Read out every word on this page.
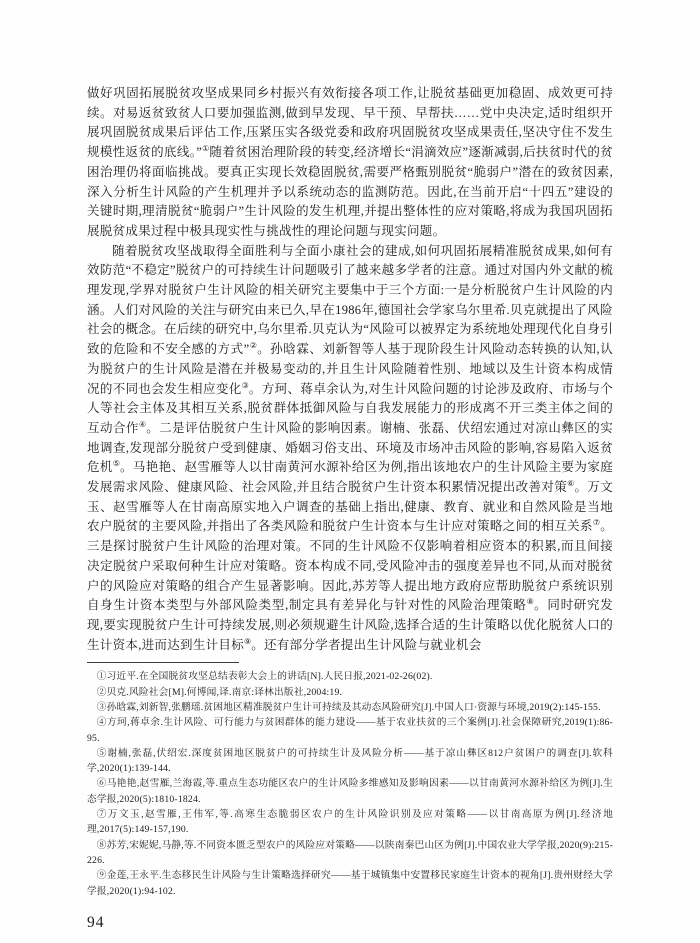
做好巩固拓展脱贫攻坚成果同乡村振兴有效衔接各项工作,让脱贫基础更加稳固、成效更可持续。对易返贫致贫人口要加强监测,做到早发现、早干预、早帮扶……党中央决定,适时组织开展巩固脱贫成果后评估工作,压紧压实各级党委和政府巩固脱贫攻坚成果责任,坚决守住不发生规模性返贫的底线。”①随着贫困治理阶段的转变,经济增长“涓滴效应”逐渐减弱,后扶贫时代的贫困治理仍将面临挑战。要真正实现长效稳固脱贫,需要严格甄别脱贫“脆弱户”潜在的致贫因素,深入分析生计风险的产生机理并予以系统动态的监测防范。因此,在当前开启“十四五”建设的关键时期,理清脱贫“脆弱户”生计风险的发生机理,并提出整体性的应对策略,将成为我国巩固拓展脱贫成果过程中极具现实性与挑战性的理论问题与现实问题。

随着脱贫攻坚战取得全面胜利与全面小康社会的建成,如何巩固拓展精准脱贫成果,如何有效防范“不稳定”脱贫户的可持续生计问题吸引了越来越多学者的注意。通过对国内外文献的梳理发现,学界对脱贫户生计风险的相关研究主要集中于三个方面:一是分析脱贫户生计风险的内涵。人们对风险的关注与研究由来已久,早在1986年,德国社会学家乌尔里希.贝克就提出了风险社会的概念。在后续的研究中,乌尔里希.贝克认为“风险可以被界定为系统地处理现代化自身引致的危险和不安全感的方式”②。孙晗霖、刘新智等人基于现阶段生计风险动态转换的认知,认为脱贫户的生计风险是潜在并极易变动的,并且生计风险随着性别、地域以及生计资本构成情况的不同也会发生相应变化③。方珂、蒋卓余认为,对生计风险问题的讨论涉及政府、市场与个人等社会主体及其相互关系,脱贫群体抵御风险与自我发展能力的形成离不开三类主体之间的互动合作④。二是评估脱贫户生计风险的影响因素。谢楠、张磊、伏绍宏通过对凉山彝区的实地调查,发现部分脱贫户受到健康、婚姻习俗支出、环境及市场冲击风险的影响,容易陷入返贫危机⑤。马艳艳、赵雪雁等人以甘南黄河水源补给区为例,指出该地农户的生计风险主要为家庭发展需求风险、健康风险、社会风险,并且结合脱贫户生计资本积累情况提出改善对策⑥。万文玉、赵雪雁等人在甘南高原实地入户调查的基础上指出,健康、教育、就业和自然风险是当地农户脱贫的主要风险,并指出了各类风险和脱贫户生计资本与生计应对策略之间的相互关系⑦。三是探讨脱贫户生计风险的治理对策。不同的生计风险不仅影响着相应资本的积累,而且间接决定脱贫户采取何种生计应对策略。资本构成不同,受风险冲击的强度差异也不同,从而对脱贫户的风险应对策略的组合产生显著影响。因此,苏芳等人提出地方政府应帮助脱贫户系统识别自身生计资本类型与外部风险类型,制定具有差异化与针对性的风险治理策略⑧。同时研究发现,要实现脱贫户生计可持续发展,则必须规避生计风险,选择合适的生计策略以优化脱贫人口的生计资本,进而达到生计目标⑨。还有部分学者提出生计风险与就业机会

①习近平.在全国脱贫攻坚总结表彰大会上的讲话[N].人民日报,2021-02-26(02).

②贝克.风险社会[M].何博闻,译.南京:译林出版社,2004:19.

③孙晗霖,刘新智,张鹏瑶.贫困地区精准脱贫户生计可持续及其动态风险研究[J].中国人口·资源与环境,2019(2):145-155.

④方珂,蒋卓余.生计风险、可行能力与贫困群体的能力建设——基于农业扶贫的三个案例[J].社会保障研究,2019(1):86-95.

⑤谢楠,张磊,伏绍宏.深度贫困地区脱贫户的可持续生计及风险分析——基于凉山彝区812户贫困户的调查[J].软科学,2020(1):139-144.

⑥马艳艳,赵雪雁,兰海霞,等.重点生态功能区农户的生计风险多维感知及影响因素——以甘南黄河水源补给区为例[J].生态学报,2020(5):1810-1824.

⑦万文玉,赵雪雁,王伟军,等.高寒生态脆弱区农户的生计风险识别及应对策略——以甘南高原为例[J].经济地理,2017(5):149-157,190.

⑧苏芳,宋妮妮,马静,等.不同资本匮乏型农户的风险应对策略——以陕南秦巴山区为例[J].中国农业大学学报,2020(9):215-226.

⑨金莲,王永平.生态移民生计风险与生计策略选择研究——基于城镇集中安置移民家庭生计资本的视角[J].贵州财经大学学报,2020(1):94-102.

94
